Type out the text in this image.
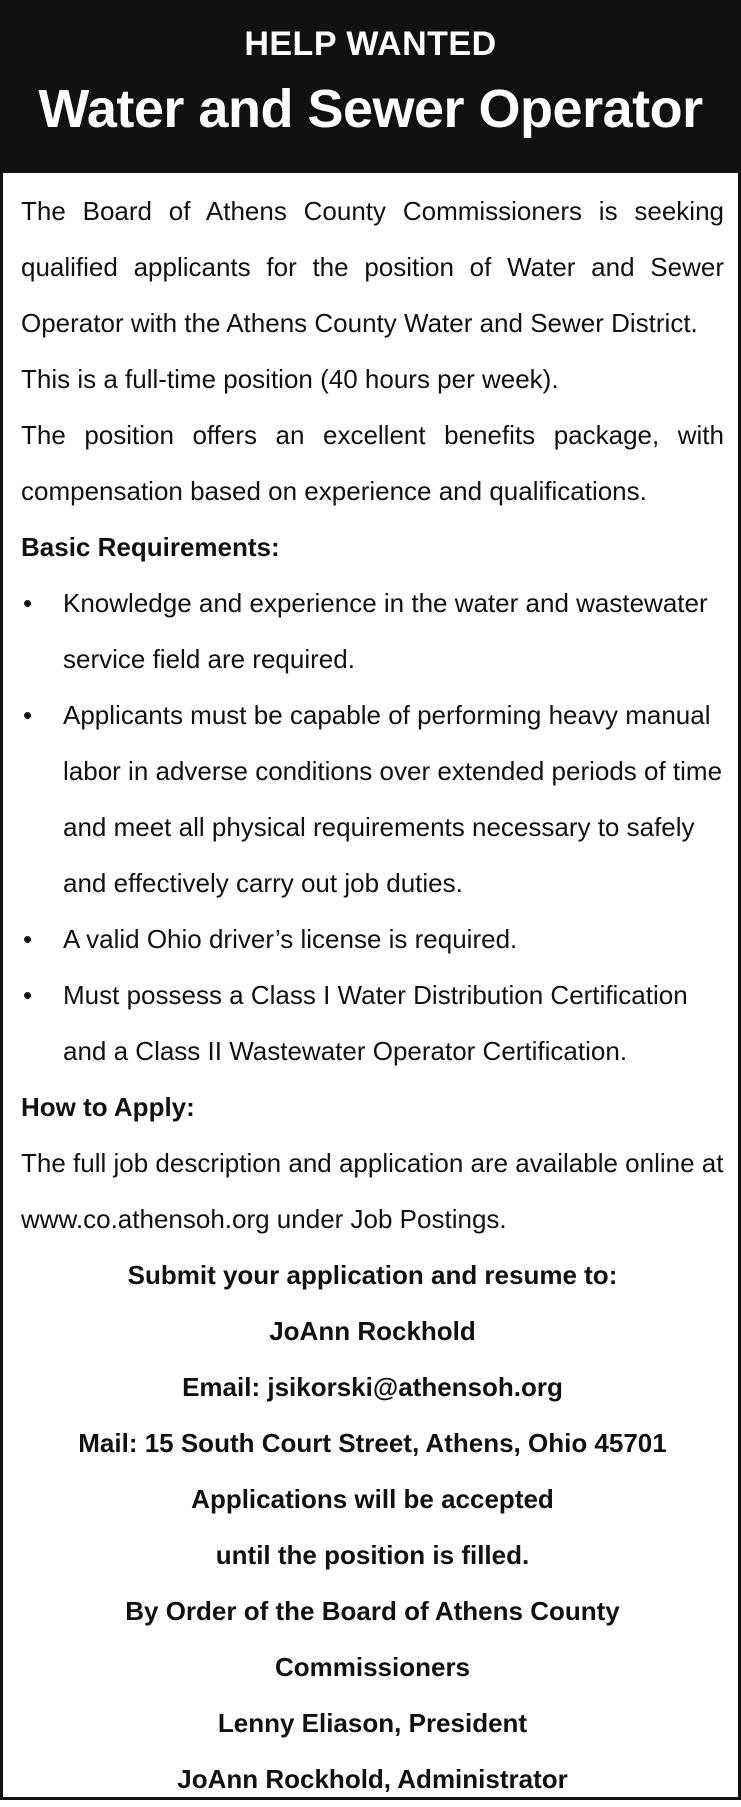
HELP WANTED
Water and Sewer Operator

The Board of Athens County Commissioners is seeking qualified applicants for the position of Water and Sewer Operator with the Athens County Water and Sewer District.

This is a full-time position (40 hours per week).

The position offers an excellent benefits package, with compensation based on experience and qualifications.

Basic Requirements:

•	Knowledge and experience in the water and wastewater service field are required.
•	Applicants must be capable of performing heavy manual labor in adverse conditions over extended periods of time and meet all physical requirements necessary to safely and effectively carry out job duties.
•	A valid Ohio driver’s license is required.
•	Must possess a Class I Water Distribution Certification and a Class II Wastewater Operator Certification.

How to Apply:

The full job description and application are available online at www.co.athensoh.org under Job Postings.

Submit your application and resume to:

JoAnn Rockhold

Email: jsikorski@athensoh.org

Mail: 15 South Court Street, Athens, Ohio 45701

Applications will be accepted

until the position is filled.

By Order of the Board of Athens County

Commissioners

Lenny Eliason, President

JoAnn Rockhold, Administrator
